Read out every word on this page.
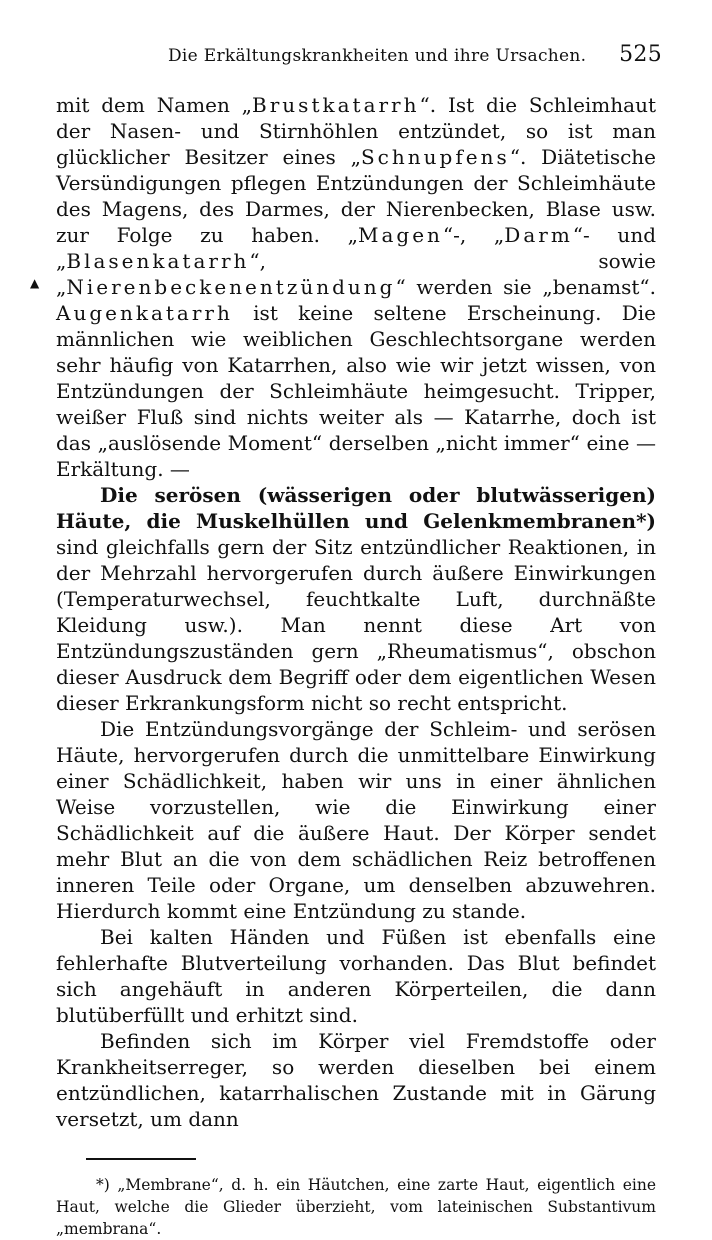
▲
Die Erkältungskrankheiten und ihre Ursachen. 525

mit dem Namen „Brustkatarrh“. Ist die Schleimhaut der Nasen- und Stirnhöhlen entzündet, so ist man glücklicher Besitzer eines „Schnupfens“. Diätetische Versündigungen pflegen Entzündungen der Schleimhäute des Magens, des Darmes, der Nierenbecken, Blase usw. zur Folge zu haben. „Magen“-, „Darm“- und „Blasenkatarrh“, sowie „Nierenbeckenentzündung“ werden sie „benamst“. Augenkatarrh ist keine seltene Erscheinung. Die männlichen wie weiblichen Geschlechtsorgane werden sehr häufig von Katarrhen, also wie wir jetzt wissen, von Entzündungen der Schleimhäute heimgesucht. Tripper, weißer Fluß sind nichts weiter als — Katarrhe, doch ist das „auslösende Moment“ derselben „nicht immer“ eine — Erkältung. —

Die serösen (wässerigen oder blutwässerigen) Häute, die Muskelhüllen und Gelenkmembranen*) sind gleichfalls gern der Sitz entzündlicher Reaktionen, in der Mehrzahl hervorgerufen durch äußere Einwirkungen (Temperaturwechsel, feuchtkalte Luft, durchnäßte Kleidung usw.). Man nennt diese Art von Entzündungszuständen gern „Rheumatismus“, obschon dieser Ausdruck dem Begriff oder dem eigentlichen Wesen dieser Erkrankungsform nicht so recht entspricht.

Die Entzündungsvorgänge der Schleim- und serösen Häute, hervorgerufen durch die unmittelbare Einwirkung einer Schädlichkeit, haben wir uns in einer ähnlichen Weise vorzustellen, wie die Einwirkung einer Schädlichkeit auf die äußere Haut. Der Körper sendet mehr Blut an die von dem schädlichen Reiz betroffenen inneren Teile oder Organe, um denselben abzuwehren. Hierdurch kommt eine Entzündung zu stande.

Bei kalten Händen und Füßen ist ebenfalls eine fehlerhafte Blutverteilung vorhanden. Das Blut befindet sich angehäuft in anderen Körperteilen, die dann blutüberfüllt und erhitzt sind.

Befinden sich im Körper viel Fremdstoffe oder Krankheitserreger, so werden dieselben bei einem entzündlichen, katarrhalischen Zustande mit in Gärung versetzt, um dann

*) „Membrane“, d. h. ein Häutchen, eine zarte Haut, eigentlich eine Haut, welche die Glieder überzieht, vom lateinischen Substantivum „membrana“.
